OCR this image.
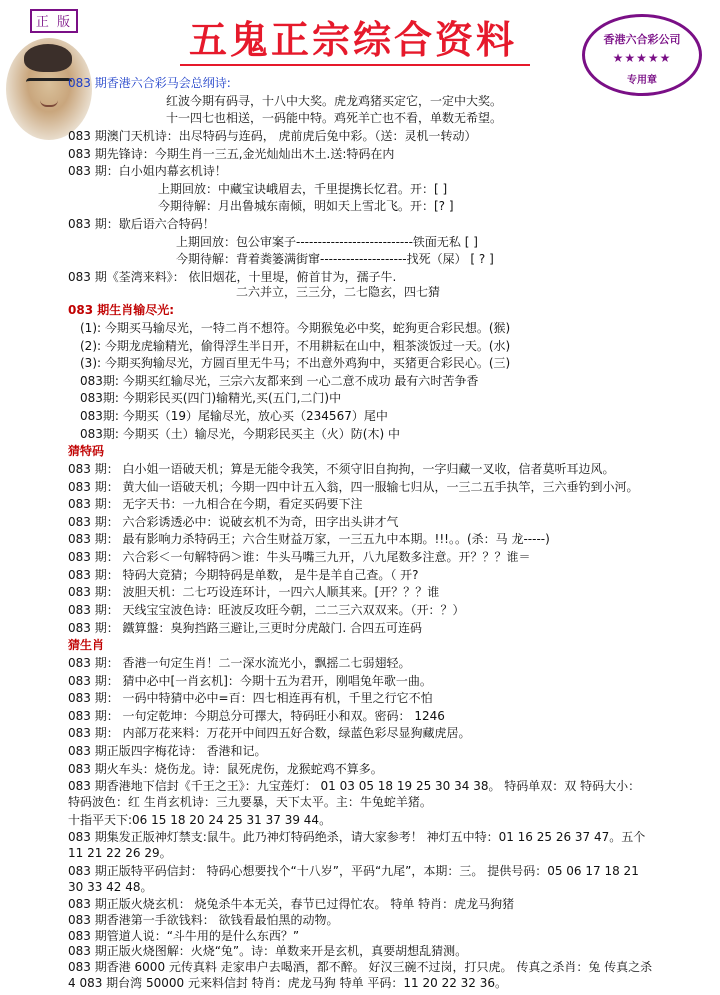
正 版	五鬼正宗综合资料	香港六合彩公司
★★★★★
专用章
083 期香港六合彩马会总纲诗:
红波今期有码寻，十八中大奖。虎龙鸡猪买定它，一定中大奖。
十一四七也相送，一码能中特。鸡死羊亡也不看，单数无希望。
083 期澳门天机诗：出尽特码与连码， 虎前虎后兔中彩。（送：灵机一转动）
083 期先锋诗：今期生肖一三五,金光灿灿出木土.送:特码在内
083 期：白小姐内幕玄机诗！
上期回放：中藏宝诀峨眉去，千里提携长忆君。开：[ ]
今期待解：月出鲁城东南倾，明如天上雪北飞。开：[? ]
083 期：歇后语六合特码！
上期回放：包公审案子---------------------------铁面无私 [ ]
今期待解：背着粪篓满街窜--------------------找死（屎） [ ? ]
083 期《荃湾来料》： 依旧烟花，十里堤，俯首甘为，孺子牛.
二六并立，三三分，二七隐玄，四七猜
083 期生肖输尽光:
(1): 今期买马输尽光，一特二肖不想符。今期猴兔必中奖，蛇狗更合彩民想。(猴)
(2): 今期龙虎输精光，偷得浮生半日开，不用耕耘在山中，粗茶淡饭过一天。(水)
(3): 今期买狗输尽光，方圆百里无牛马；不出意外鸡狗中，买猪更合彩民心。(三)
083期: 今期买红输尽光，三宗六友都来到 一心二意不成功 最有六时苦争香
083期: 今期彩民买(四门)输精光,买(五门,二门)中
083期: 今期买（19）尾输尽光，放心买（234567）尾中
083期: 今期买（土）输尽光，今期彩民买主（火）防(木) 中
猜特码
083 期： 白小姐一语破天机；算是无能令我笑，不须守旧自拘拘，一字归藏一叉收，信者莫听耳边风。
083 期： 黄大仙一语破天机；今期一四中计五入翁，四一服输七归从，一三二五手执竿，三六垂钓到小河。
083 期： 无字天书：一九相合在今期，看定买码要下注
083 期： 六合彩诱透必中：说破玄机不为奇，田字出头讲才气
083 期： 最有影响力杀特码王；六合生财益万家，一三五九中本期。!!!。。(杀：马 龙-----)
083 期： 六合彩＜一句解特码＞谁：牛头马嘴三九开，八九尾数多注意。开？？？谁＝
083 期： 特码大竞猜；今期特码是单数， 是牛是羊自己查。（ 开?
083 期： 波胆天机：二七巧设连环计，一四六人顺其来。[开？？？谁
083 期： 天线宝宝波色诗：旺波反攻旺今朝，二二三六双双来。（开：？）
083 期： 鐵算盤：臭狗挡路三避让,三更时分虎敲门. 合四五可连码
猜生肖
083 期： 香港一句定生肖！二一深水流光小，飘摇二七弱翅轻。
083 期： 猜中必中[一肖玄机]：今期十五为君开，刚唱兔年歌一曲。
083 期： 一码中特猜中必中=百：四七相连再有机，千里之行它不怕
083 期： 一句定乾坤：今期总分可擇大，特码旺小和双。密码： 1246
083 期： 内部万花来料：万花开中间四五好合数，绿蓝色彩尽显狗藏虎居。
083 期正版四字梅花诗： 香港和记。
083 期火车头：烧伤龙。诗：鼠死虎伤，龙猴蛇鸡不算多。
083 期香港地下信封《千王之王》：九宝莲灯： 01 03 05 18 19 25 30 34 38。 特码单双：双 特码大小：
特码波色：红 生肖玄机诗：三九要暴，天下太平。主：牛兔蛇羊猪。
十指平天下:06 15 18 20 24 25 31 37 39 44。
083 期集发正版神灯禁支:鼠牛。此乃神灯特码绝杀，请大家参考！ 神灯五中特：01 16 25 26 37 47。五个
11 21 22 26 29。
083 期正版特平码信封： 特码心想要找个“十八岁”，平码“九尾”，本期：三。 提供号码：05 06 17 18 21
30 33 42 48。
083 期正版火烧玄机： 烧兔杀牛本无关，春节已过得忙农。 特单 特肖：虎龙马狗猪
083 期香港第一手欲钱料： 欲钱看最怕黑的动物。
083 期管道人说：“斗牛用的是什么东西？”
083 期正版火烧图解：火烧“兔”。诗：单数来开是玄机，真要胡想乱猜测。
083 期香港 6000 元传真料 走家串户去喝酒，都不醉。 好汉三碗不过岗，打只虎。 传真之杀肖：兔 传真之杀
4 083 期台湾 50000 元来料信封 特肖：虎龙马狗 特单 平码：11 20 22 32 36。
